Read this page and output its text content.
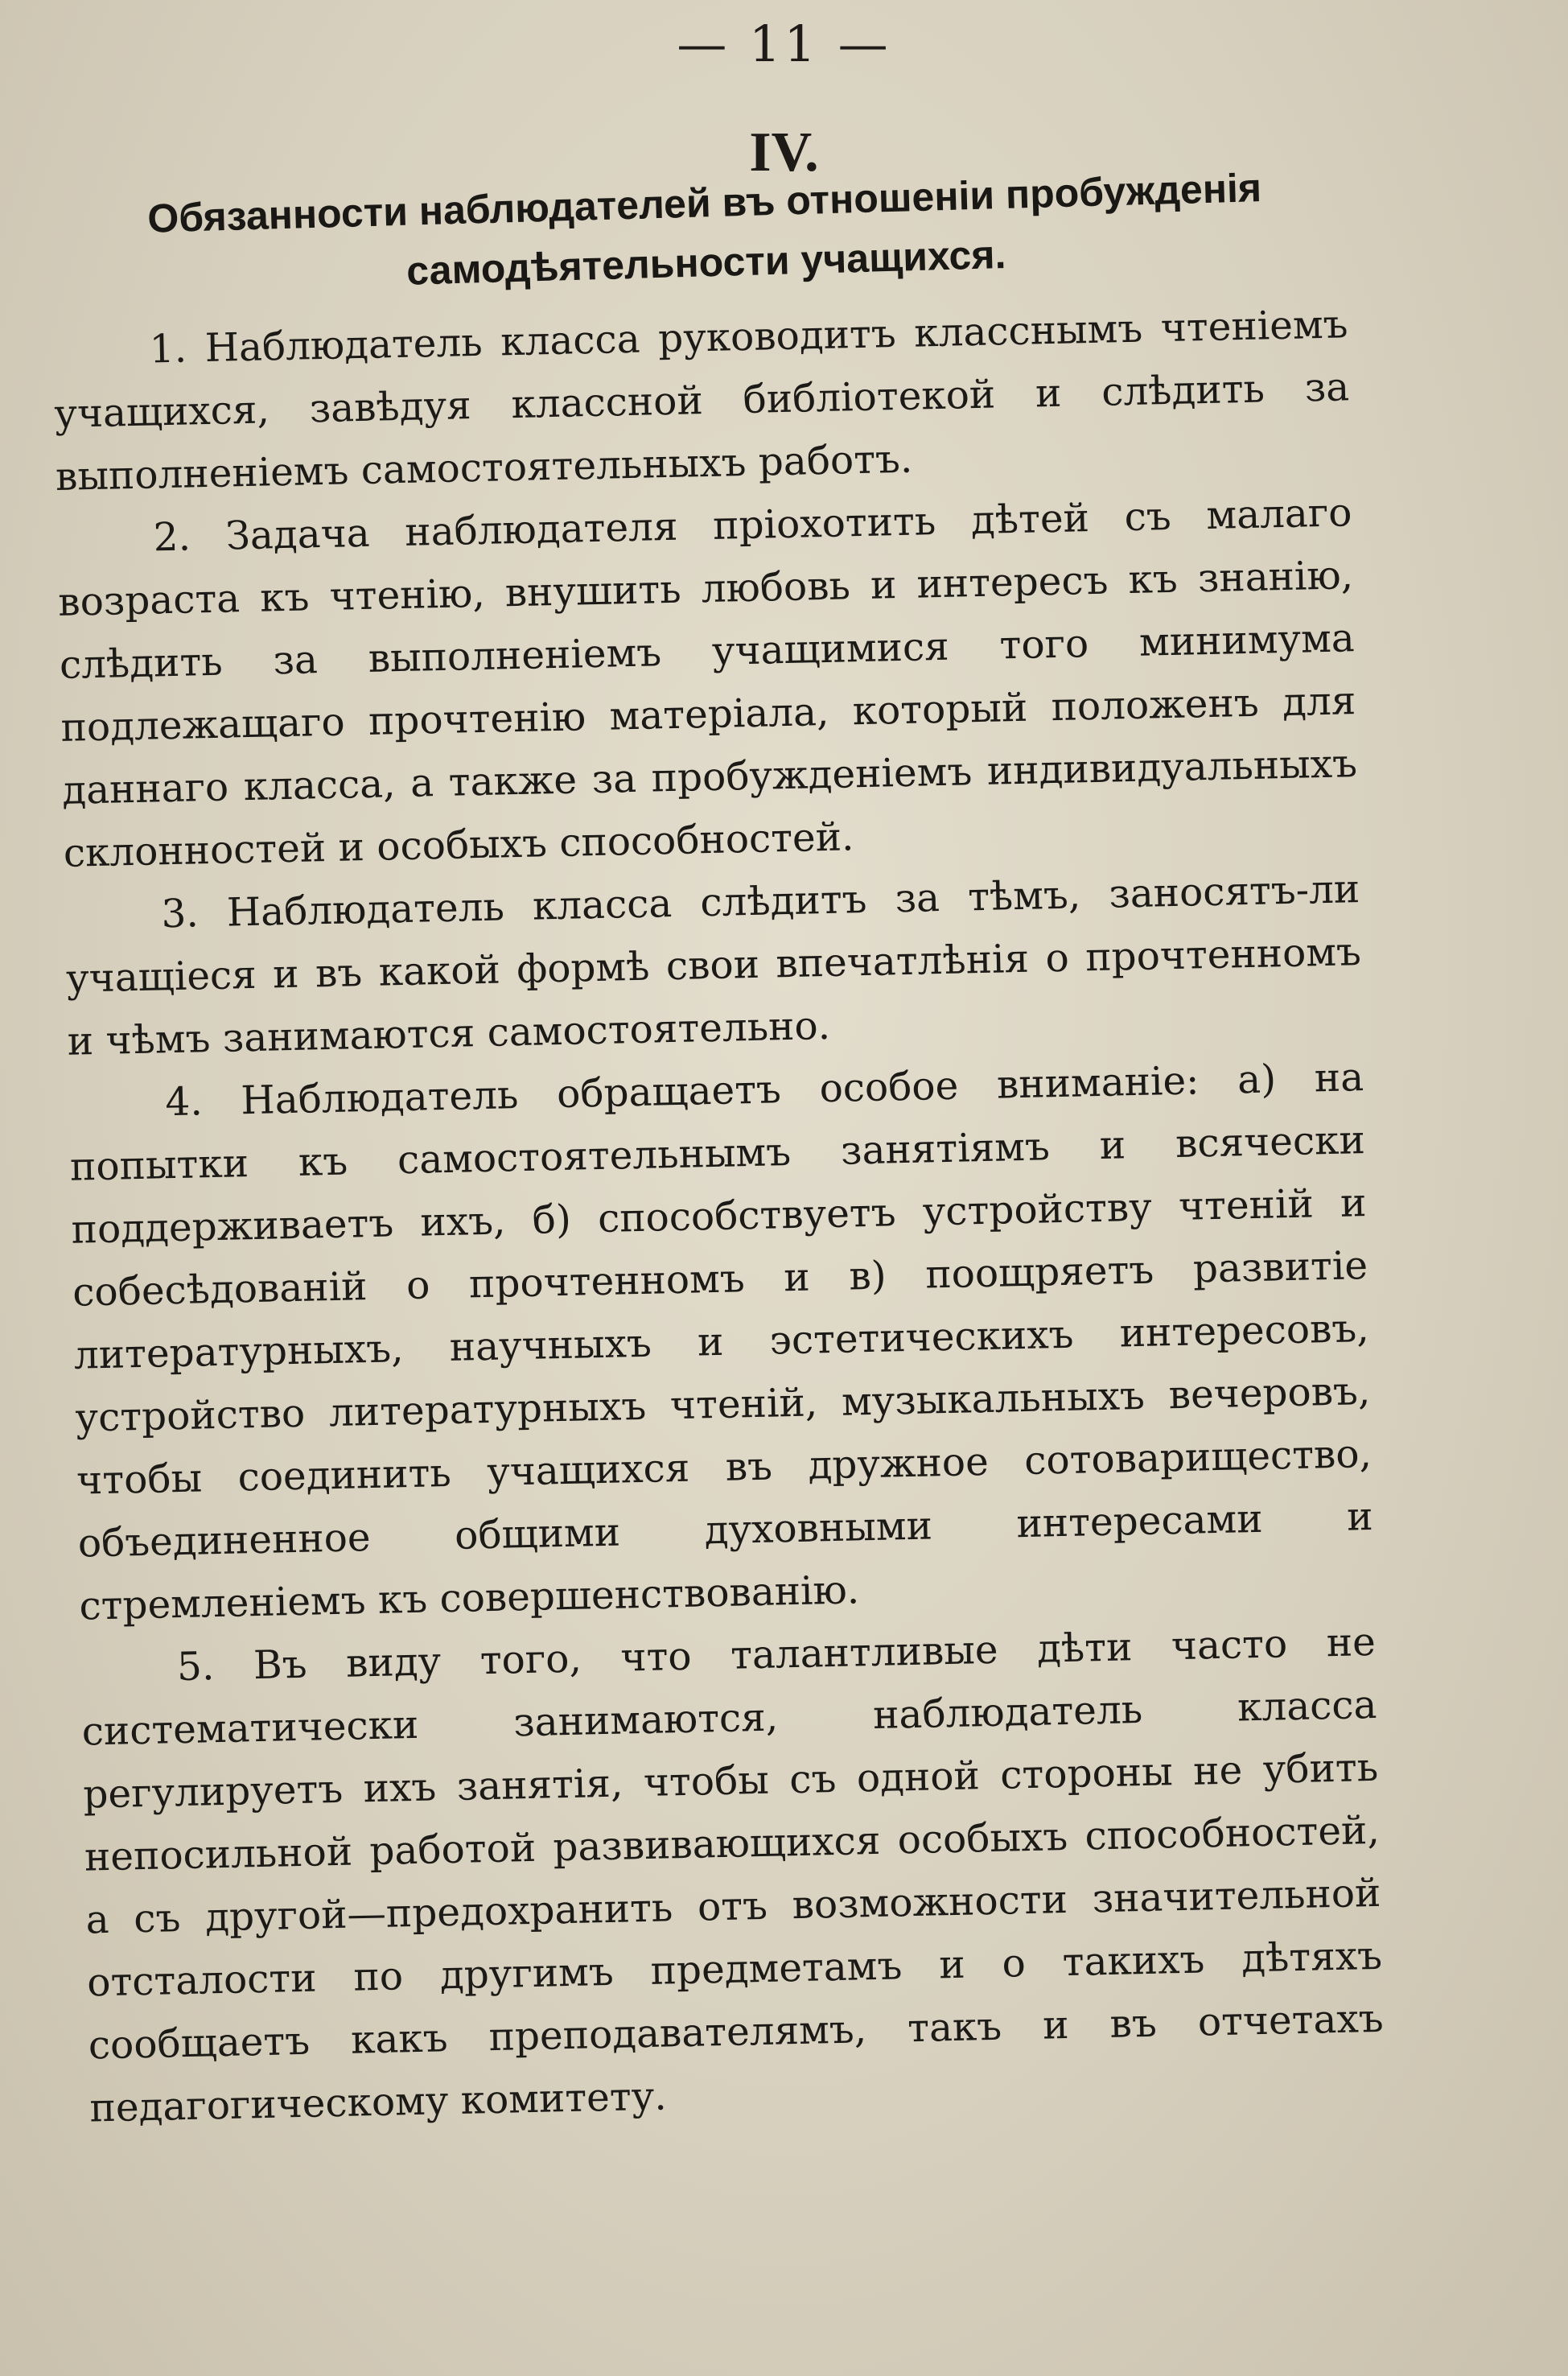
— 11 —
IV.
Обязанности наблюдателей въ отношеніи пробужденія самодѣятельности учащихся.

1. Наблюдатель класса руководитъ класснымъ чтеніемъ учащихся, завѣдуя классной библіотекой и слѣдить за выполненіемъ самостоятельныхъ работъ.

2. Задача наблюдателя пріохотить дѣтей съ малаго возраста къ чтенію, внушить любовь и интересъ къ знанію, слѣдить за выполненіемъ учащимися того минимума подлежащаго прочтенію матеріала, который положенъ для даннаго класса, а также за пробужденіемъ индивидуальныхъ склонностей и особыхъ способностей.

3. Наблюдатель класса слѣдитъ за тѣмъ, заносятъ-ли учащіеся и въ какой формѣ свои впечатлѣнія о прочтенномъ и чѣмъ занимаются самостоятельно.

4. Наблюдатель обращаетъ особое вниманіе: а) на попытки къ самостоятельнымъ занятіямъ и всячески поддерживаетъ ихъ, б) способствуетъ устройству чтеній и собесѣдованій о прочтенномъ и в) поощряетъ развитіе литературныхъ, научныхъ и эстетическихъ интересовъ, устройство литературныхъ чтеній, музыкальныхъ вечеровъ, чтобы соединить учащихся въ дружное сотоварищество, объединенное общими духовными интересами и стремленіемъ къ совершенствованію.

5. Въ виду того, что талантливые дѣти часто не систематически занимаются, наблюдатель класса регулируетъ ихъ занятія, чтобы съ одной стороны не убить непосильной работой развивающихся особыхъ способностей, а съ другой—предохранить отъ возможности значительной отсталости по другимъ предметамъ и о такихъ дѣтяхъ сообщаетъ какъ преподавателямъ, такъ и въ отчетахъ педагогическому комитету.
